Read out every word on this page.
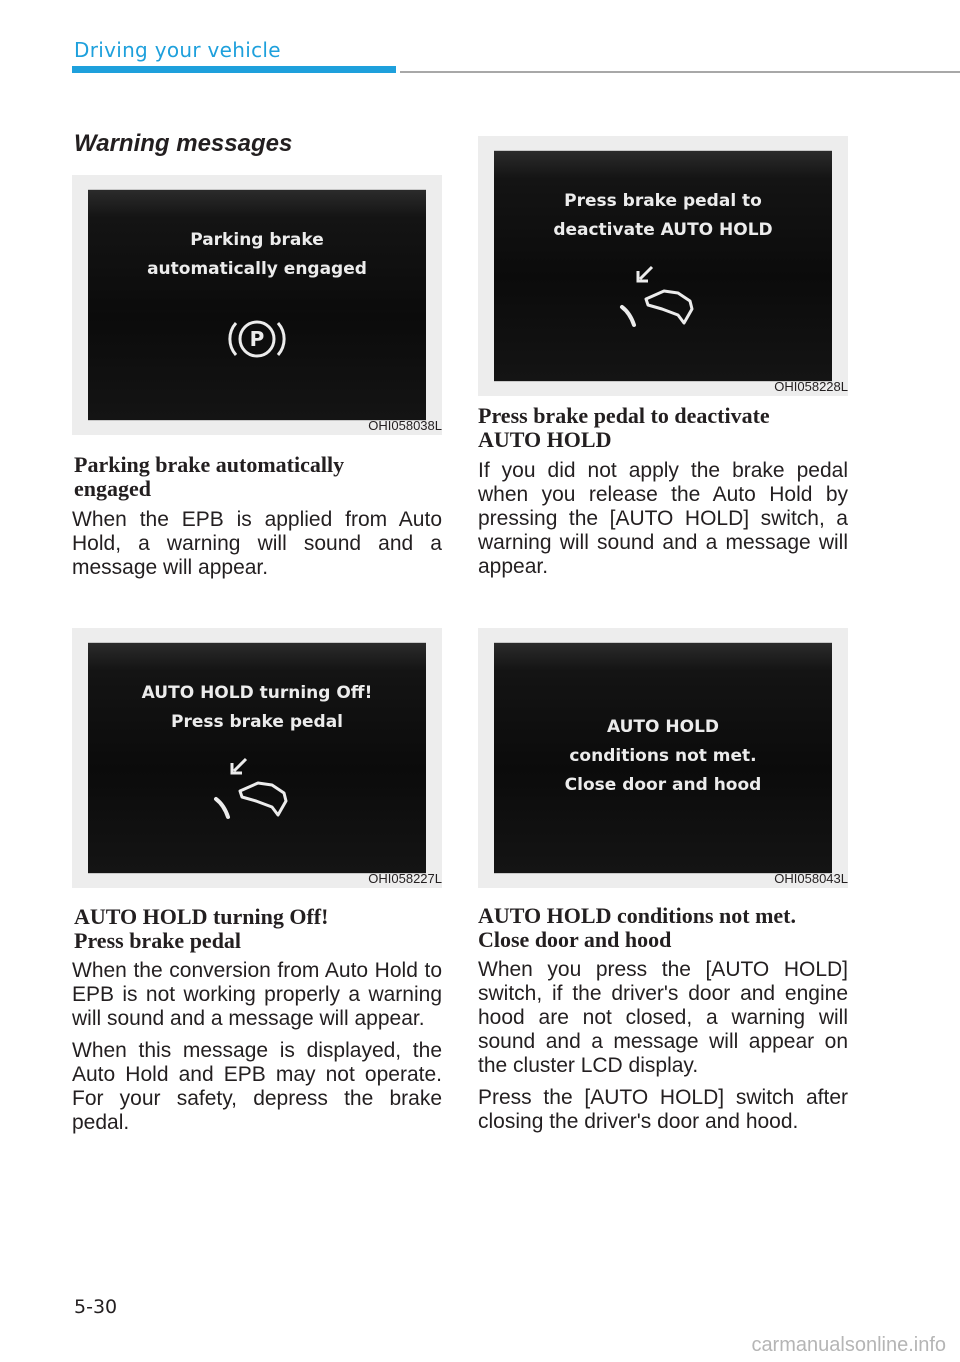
Driving your vehicle
Warning messages
Parking brake
automatically engaged
P
OHI058038L
Parking brake automatically
engaged

When the EPB is applied from Auto Hold, a warning will sound and a message will appear.

Press brake pedal to
deactivate AUTO HOLD
OHI058228L
Press brake pedal to deactivate
AUTO HOLD

If you did not apply the brake pedal when you release the Auto Hold by pressing the [AUTO HOLD] switch, a warning will sound and a message will appear.

AUTO HOLD turning Off!
Press brake pedal
OHI058227L
AUTO HOLD turning Off!
Press brake pedal

When the conversion from Auto Hold to EPB is not working properly a warning will sound and a message will appear.

When this message is displayed, the Auto Hold and EPB may not operate. For your safety, depress the brake pedal.

AUTO HOLD
conditions not met.
Close door and hood
OHI058043L
AUTO HOLD conditions not met.
Close door and hood

When you press the [AUTO HOLD] switch, if the driver's door and engine hood are not closed, a warning will sound and a message will appear on the cluster LCD display.

Press the [AUTO HOLD] switch after closing the driver's door and hood.

5-30
carmanualsonline.info
